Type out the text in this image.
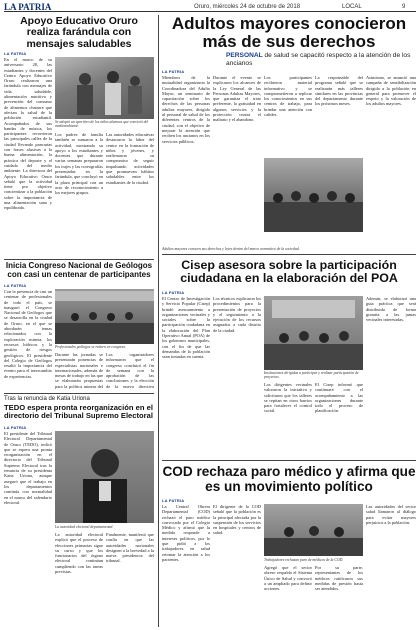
LA PATRIA	Oruro, miércoles 24 de octubre de 2018	LOCAL	9
Apoyo Educativo Oruro realiza farándula con mensajes saludables
LA PATRIA
En el marco de su aniversario 28, las estudiantes y docentes del Centro Apoyo Educativo Oruro realizaron una farándula con mensajes de vida saludable, alimentación nutritiva y prevención del consumo de alimentos chatarra que afectan la salud de la población estudiantil. Acompañados de sus bandas de música, los participantes recorrieron las principales calles de la ciudad llevando pancartas con frases alusivas a la buena alimentación, la práctica del deporte y el cuidado del medio ambiente. La directora del Apoyo Educativo Oruro señaló que la actividad tiene por objetivo concientizar a la población sobre la importancia de una alimentación sana y equilibrada.
Se adoptó un aperitivo de los niños alumnos que convivió del medioambiente.
Los padres de familia también se sumaron a la actividad, mostrando su apoyo a los estudiantes y docentes que durante varias semanas prepararon los trajes y las coreografías presentadas en la farándula, que concluyó en la plaza principal con un acto de reconocimiento a los mejores grupos.
Las autoridades educativas destacaron la labor del centro en la formación de niños y jóvenes, y reafirmaron su compromiso de seguir impulsando actividades que promuevan hábitos saludables entre los estudiantes de la ciudad.
Inicia Congreso Nacional de Geólogos con casi un centenar de participantes
LA PATRIA
Con la presencia de casi un centenar de profesionales de todo el país, se inauguró el Congreso Nacional de Geólogos que se desarrolla en la ciudad de Oruro, en el que se abordarán temas relacionados con la exploración minera, los recursos hídricos y la gestión de riesgos geológicos. El presidente del Colegio de Geólogos resaltó la importancia del evento para el intercambio de experiencias.
Profesionales geólogos se reúnen en congreso.
Durante las jornadas se presentarán ponencias de especialistas nacionales e internacionales, además de mesas de trabajo en las que se elaborarán propuestas para la política minera del
Los organizadores informaron que el congreso concluirá el fin de semana con la aprobación de las conclusiones y la elección de la nueva directiva
Tras la renuncia de Katia Uriona
TEDO espera pronta reorganización en el directorio del Tribunal Supremo Electoral
LA PATRIA
El presidente del Tribunal Electoral Departamental de Oruro (TEDO), indicó que se espera una pronta reorganización en el directorio del Tribunal Supremo Electoral tras la renuncia de su presidenta Katia Uriona, aunque aseguró que el trabajo en los departamentos continúa con normalidad en el marco del calendario electoral.
La autoridad electoral departamental.
La autoridad electoral explicó que el proceso de elecciones primarias sigue su curso y que los funcionarios del órgano electoral continúan cumpliendo con las tareas previstas.
Finalmente, manifestó que confía en que las autoridades nacionales designen a la brevedad a la nueva presidencia del tribunal.
Adultos mayores conocieron más de sus derechos
PERSONAL de salud se capacitó respecto a la atención de los ancianos
LA PATRIA
Miembros de la mutualidad organizaron la Coordinadora del Adulto Mayor, un seminario de capacitación sobre los derechos de las personas adultas mayores, dirigido al personal de salud de los diferentes centros de la ciudad, con el objetivo de mejorar la atención que reciben los ancianos en los servicios públicos.
Durante el evento se explicaron los alcances de la Ley General de las Personas Adultas Mayores, que garantiza el trato preferente, la gratuidad en algunos servicios y la protección contra el maltrato y el abandono.
Los participantes recibieron material informativo y se comprometieron a replicar los conocimientos en sus centros de trabajo, para brindar una atención con calidez.
La responsable del programa señaló que se realizarán más talleres similares en las provincias del departamento durante los próximos meses.
Asimismo, se anunció una campaña de sensibilización dirigida a la población en general para promover el respeto y la valoración de los adultos mayores.
Adultos mayores conocen sus derechos y leyes dentro del marco normativo de la sociedad.
Cisep asesora sobre la participación ciudadana en la elaboración del POA
LA PATRIA
El Centro de Investigación y Servicio Popular (Cisep) brindó asesoramiento a organizaciones vecinales y sociales sobre la participación ciudadana en la elaboración del Plan Operativo Anual (POA) de los gobiernos municipales, con el fin de que las demandas de la población sean tomadas en cuenta.
Los técnicos explicaron los procedimientos para la presentación de proyectos y el seguimiento a la ejecución de los recursos asignados a cada distrito de la ciudad.
Instituciones dirigidas a participar y realizar participación de proyectos.
Los dirigentes vecinales valoraron la iniciativa y solicitaron que los talleres se repitan en otros barrios para fortalecer el control social.
El Cisep informó que continuará con el acompañamiento a las organizaciones durante todo el proceso de planificación.
Además, se elaborará una guía práctica que será distribuida de forma gratuita a las juntas vecinales interesadas.
COD rechaza paro médico y afirma que es un movimiento político
LA PATRIA
La Central Obrera Departamental (COD) rechazó el paro médico convocado por el Colegio Médico y afirmó que la medida responde a intereses políticos, por lo que pidió a los trabajadores en salud retomar la atención a los pacientes.
El dirigente de la COD señaló que la población es la principal afectada por la suspensión de los servicios en hospitales y centros de salud.
Trabajadores rechazan paro de médicos de la COD.
Agregó que el sector obrero respalda el Sistema Único de Salud y convocó a un ampliado para definir acciones.
Por su parte, representantes de los médicos ratificaron sus medidas de presión hasta ser atendidos.
Las autoridades del sector salud llamaron al diálogo para evitar mayores perjuicios a la población.
